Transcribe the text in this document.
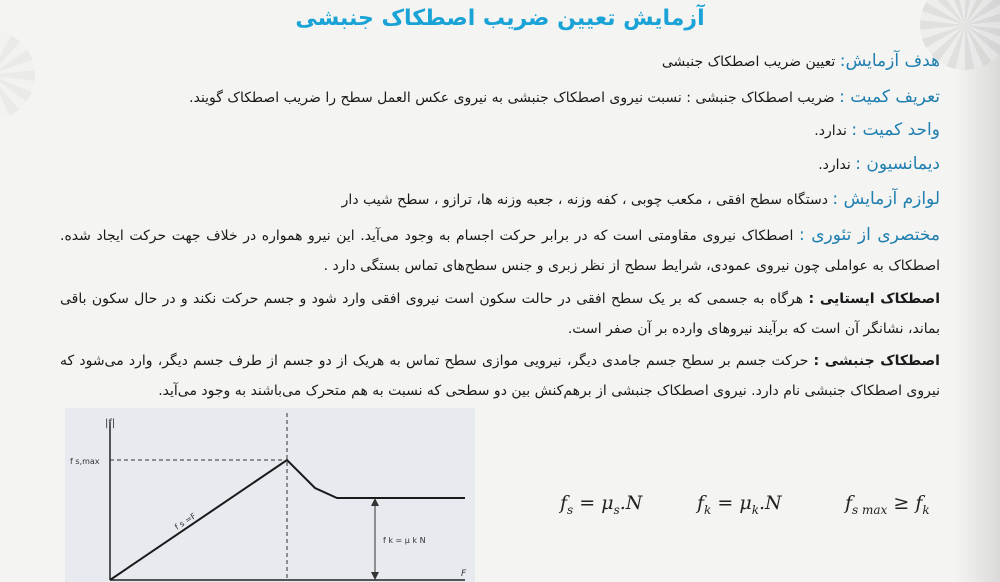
آزمایش تعیین ضریب اصطکاک جنبشی
هدف آزمایش: تعیین ضریب اصطکاک جنبشی
تعریف کمیت : ضریب اصطکاک جنبشی : نسبت نیروی اصطکاک جنبشی به نیروی عکس العمل سطح را ضریب اصطکاک گویند.
واحد کمیت : ندارد.
دیمانسیون : ندارد.
لوازم آزمایش : دستگاه سطح افقی ، مکعب چوبی ، کفه وزنه ، جعبه وزنه ها، ترازو ، سطح شیب دار
مختصری از تئوری : اصطکاک نیروی مقاومتی است که در برابر حرکت اجسام به وجود می‌آید. این نیرو همواره در خلاف جهت حرکت ایجاد شده. اصطکاک به عواملی چون نیروی عمودی، شرایط سطح از نظر زبری و جنس سطح‌های تماس بستگی دارد .
اصطکاک ایستایی : هرگاه به جسمی که بر یک سطح افقی در حالت سکون است نیروی افقی وارد شود و جسم حرکت نکند و در حال سکون باقی بماند، نشانگر آن است که برآیند نیروهای وارده بر آن صفر است.
اصطکاک جنبشی : حرکت جسم بر سطح جسم جامدی دیگر، نیرویی موازی سطح تماس به هریک از دو جسم از طرف جسم دیگر، وارد می‌شود که نیروی اصطکاک جنبشی نام دارد. نیروی اصطکاک جنبشی از برهم‌کنش بین دو سطحی که نسبت به هم متحرک می‌باشند به وجود می‌آید.
|f|
F
f s,max
f s =F
f k = μ k N
$f_s = \mu_s.N$	$f_k = \mu_k.N$	$f_{s max} \ge f_k$
